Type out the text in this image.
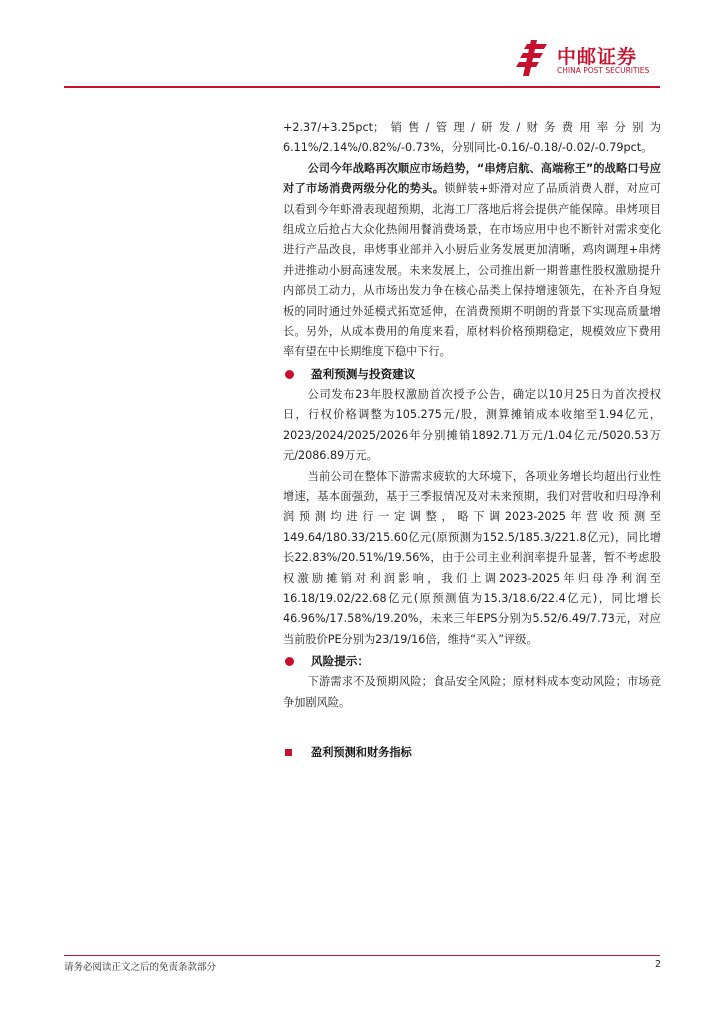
中邮证券
CHINA POST SECURITIES

+2.37/+3.25pct；销售/管理/研发/财务费用率分别为6.11%/2.14%/0.82%/-0.73%，分别同比-0.16/-0.18/-0.02/-0.79pct。

公司今年战略再次顺应市场趋势，“串烤启航、高端称王”的战略口号应对了市场消费两级分化的势头。锁鲜装+虾滑对应了品质消费人群，对应可以看到今年虾滑表现超预期，北海工厂落地后将会提供产能保障。串烤项目组成立后抢占大众化热闹用餐消费场景，在市场应用中也不断针对需求变化进行产品改良，串烤事业部并入小厨后业务发展更加清晰，鸡肉调理+串烤并进推动小厨高速发展。未来发展上，公司推出新一期普惠性股权激励提升内部员工动力，从市场出发力争在核心品类上保持增速领先，在补齐自身短板的同时通过外延模式拓宽延伸，在消费预期不明朗的背景下实现高质量增长。另外，从成本费用的角度来看，原材料价格预期稳定，规模效应下费用率有望在中长期维度下稳中下行。

盈利预测与投资建议

公司发布23年股权激励首次授予公告，确定以10月25日为首次授权日，行权价格调整为105.275元/股，测算摊销成本收缩至1.94亿元，2023/2024/2025/2026年分别摊销1892.71万元/1.04亿元/5020.53万元/2086.89万元。

当前公司在整体下游需求疲软的大环境下，各项业务增长均超出行业性增速，基本面强劲，基于三季报情况及对未来预期，我们对营收和归母净利润预测均进行一定调整，略下调2023-2025年营收预测至149.64/180.33/215.60亿元(原预测为152.5/185.3/221.8亿元)，同比增长22.83%/20.51%/19.56%，由于公司主业利润率提升显著，暂不考虑股权激励摊销对利润影响，我们上调2023-2025年归母净利润至16.18/19.02/22.68亿元(原预测值为15.3/18.6/22.4亿元)，同比增长46.96%/17.58%/19.20%，未来三年EPS分别为5.52/6.49/7.73元，对应当前股价PE分别为23/19/16倍，维持“买入”评级。

风险提示：

下游需求不及预期风险；食品安全风险；原材料成本变动风险；市场竞争加剧风险。

盈利预测和财务指标
请务必阅读正文之后的免责条款部分	2
